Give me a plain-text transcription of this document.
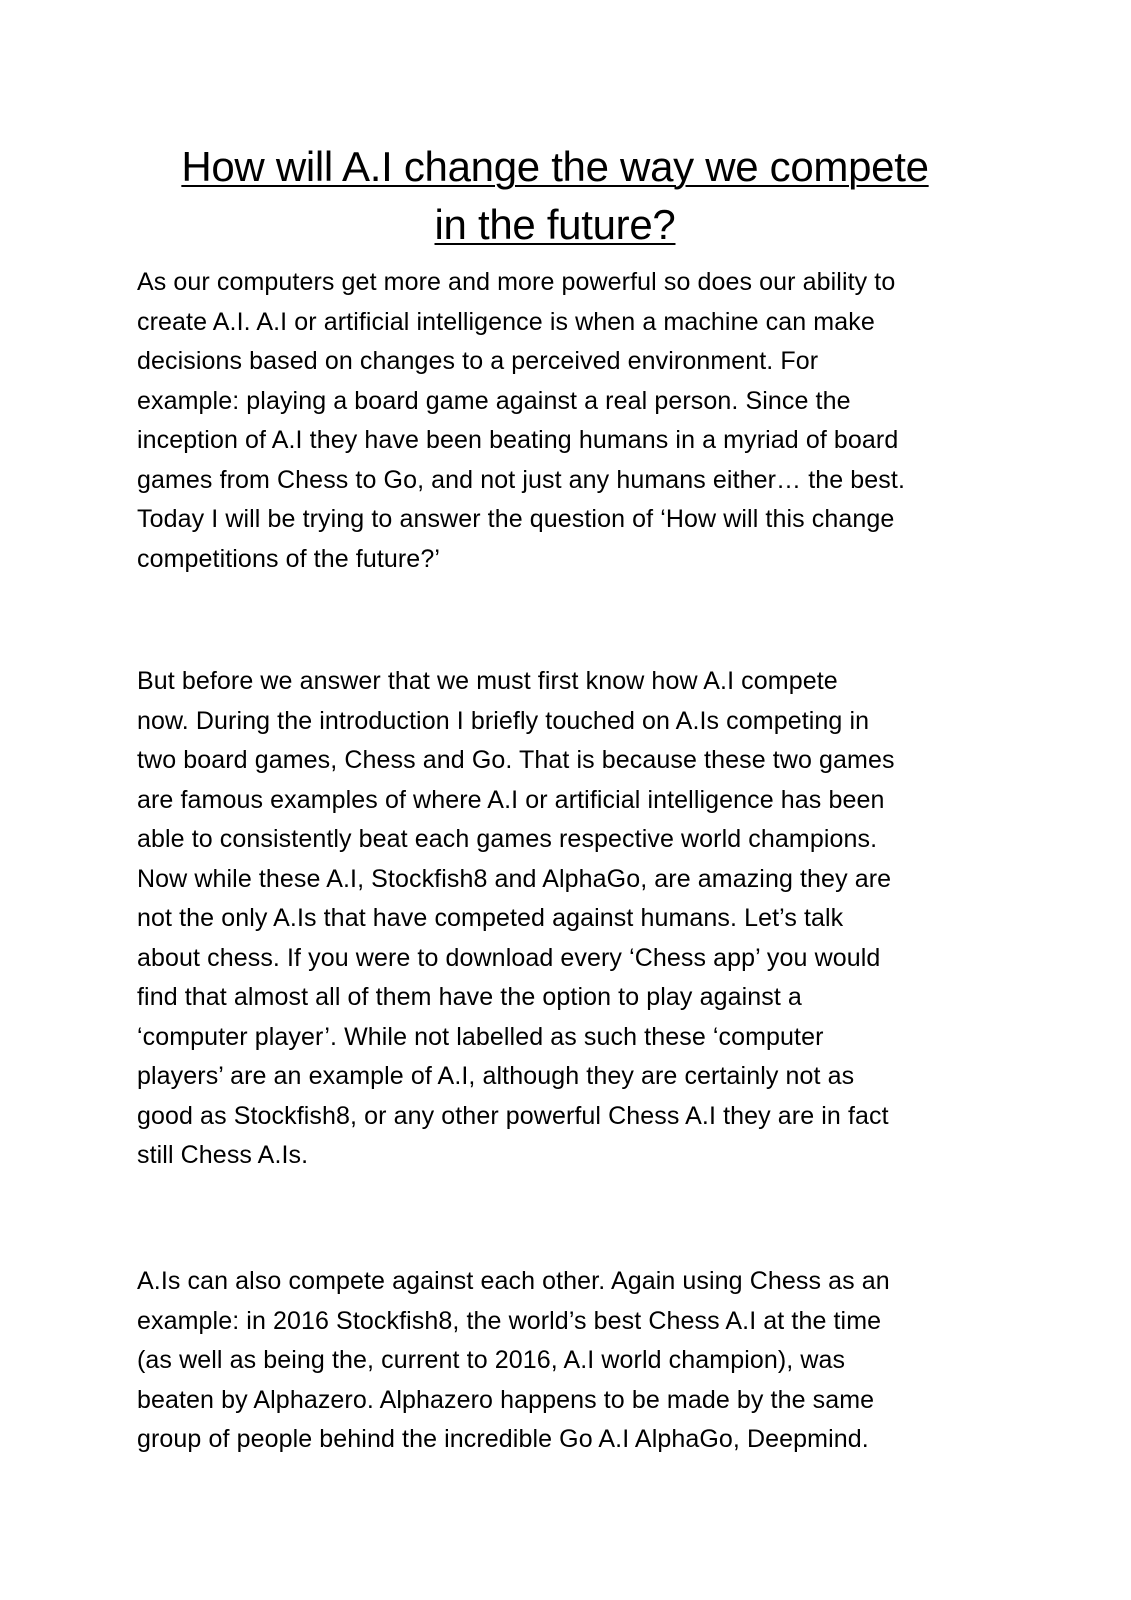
How will A.I change the way we compete
in the future?

As our computers get more and more powerful so does our ability to
create A.I. A.I or artificial intelligence is when a machine can make
decisions based on changes to a perceived environment. For
example: playing a board game against a real person. Since the
inception of A.I they have been beating humans in a myriad of board
games from Chess to Go, and not just any humans either… the best.
Today I will be trying to answer the question of ‘How will this change
competitions of the future?’

But before we answer that we must first know how A.I compete
now. During the introduction I briefly touched on A.Is competing in
two board games, Chess and Go. That is because these two games
are famous examples of where A.I or artificial intelligence has been
able to consistently beat each games respective world champions.
Now while these A.I, Stockfish8 and AlphaGo, are amazing they are
not the only A.Is that have competed against humans. Let’s talk
about chess. If you were to download every ‘Chess app’ you would
find that almost all of them have the option to play against a
‘computer player’. While not labelled as such these ‘computer
players’ are an example of A.I, although they are certainly not as
good as Stockfish8, or any other powerful Chess A.I they are in fact
still Chess A.Is.

A.Is can also compete against each other. Again using Chess as an
example: in 2016 Stockfish8, the world’s best Chess A.I at the time
(as well as being the, current to 2016, A.I world champion), was
beaten by Alphazero. Alphazero happens to be made by the same
group of people behind the incredible Go A.I AlphaGo, Deepmind.
